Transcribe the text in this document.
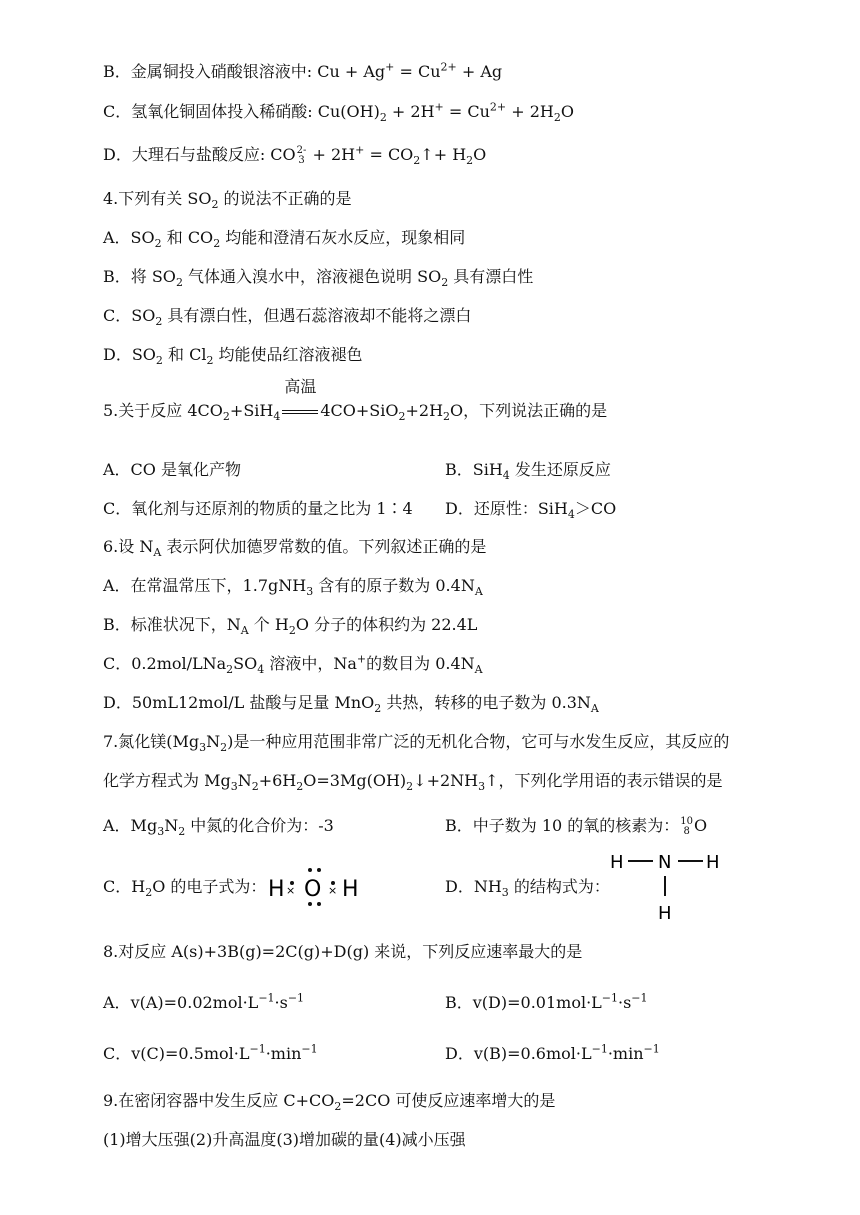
B．金属铜投入硝酸银溶液中: $Cu + Ag^+ = Cu^{2+} + Ag$
C．氢氧化铜固体投入稀硝酸: $Cu(OH)_2 + 2H^+ = Cu^{2+} + 2H_2O$
D．大理石与盐酸反应: CO 2-
$3 + 2H^+ = CO_2↑+ H_2O$
4.下列有关 $SO_2$ 的说法不正确的是
A．$SO_2$ 和 $CO_2$ 均能和澄清石灰水反应，现象相同
B．将 $SO_2$ 气体通入溴水中，溶液褪色说明 $SO_2$ 具有漂白性
C．$SO_2$ 具有漂白性，但遇石蕊溶液却不能将之漂白
D．$SO_2$ 和 $Cl_2$ 均能使品红溶液褪色
5.关于反应 $4CO_2+SiH_4$
高温
$4CO+SiO_2+2H_2O$，下列说法正确的是
A．CO 是氧化产物	B．SiH$_4$ 发生还原反应
C．氧化剂与还原剂的物质的量之比为 1∶4 D．还原性：SiH$_4$＞CO
6.设 $N_A$ 表示阿伏加德罗常数的值。下列叙述正确的是
A．在常温常压下，1.7gNH$_3$ 含有的原子数为 $0.4N_A$
B．标准状况下，$N_A$ 个 $H_2O$ 分子的体积约为 22.4L
C．$0.2mol/LNa_2SO_4$ 溶液中，Na+的数目为 $0.4N_A$
D．50mL12mol/L 盐酸与足量 MnO$_2$ 共热，转移的电子数为 $0.3N_A$
7.氮化镁$(Mg_3N_2)$是一种应用范围非常广泛的无机化合物，它可与水发生反应，其反应的
化学方程式为 $Mg_3N_2+6H_2O=3Mg(OH)_2↓+2NH_3↑$，下列化学用语的表示错误的是
A．$Mg_3N_2$ 中氮的化合价为：-3	B．中子数为 10 的氧的核素为： 10
8 O
C．$H_2O$ 的电子式为： H × O × H	D．$NH_3$ 的结构式为：
H N H
H
8.对反应 A(s)+3B(g)=2C(g)+D(g) 来说，下列反应速率最大的是
A．$v(A)=0.02mol\cdot L^{-1}\cdot s^{-1}$	B．$v(D)=0.01mol\cdot L^{-1}\cdot s^{-1}$
C．$v(C)=0.5mol\cdot L^{-1}\cdot\min^{-1}$	D．$v(B)=0.6mol\cdot L^{-1}\cdot\min^{-1}$
9.在密闭容器中发生反应 $C+CO_2=2CO$ 可使反应速率增大的是
(1)增大压强(2)升高温度(3)增加碳的量(4)减小压强
